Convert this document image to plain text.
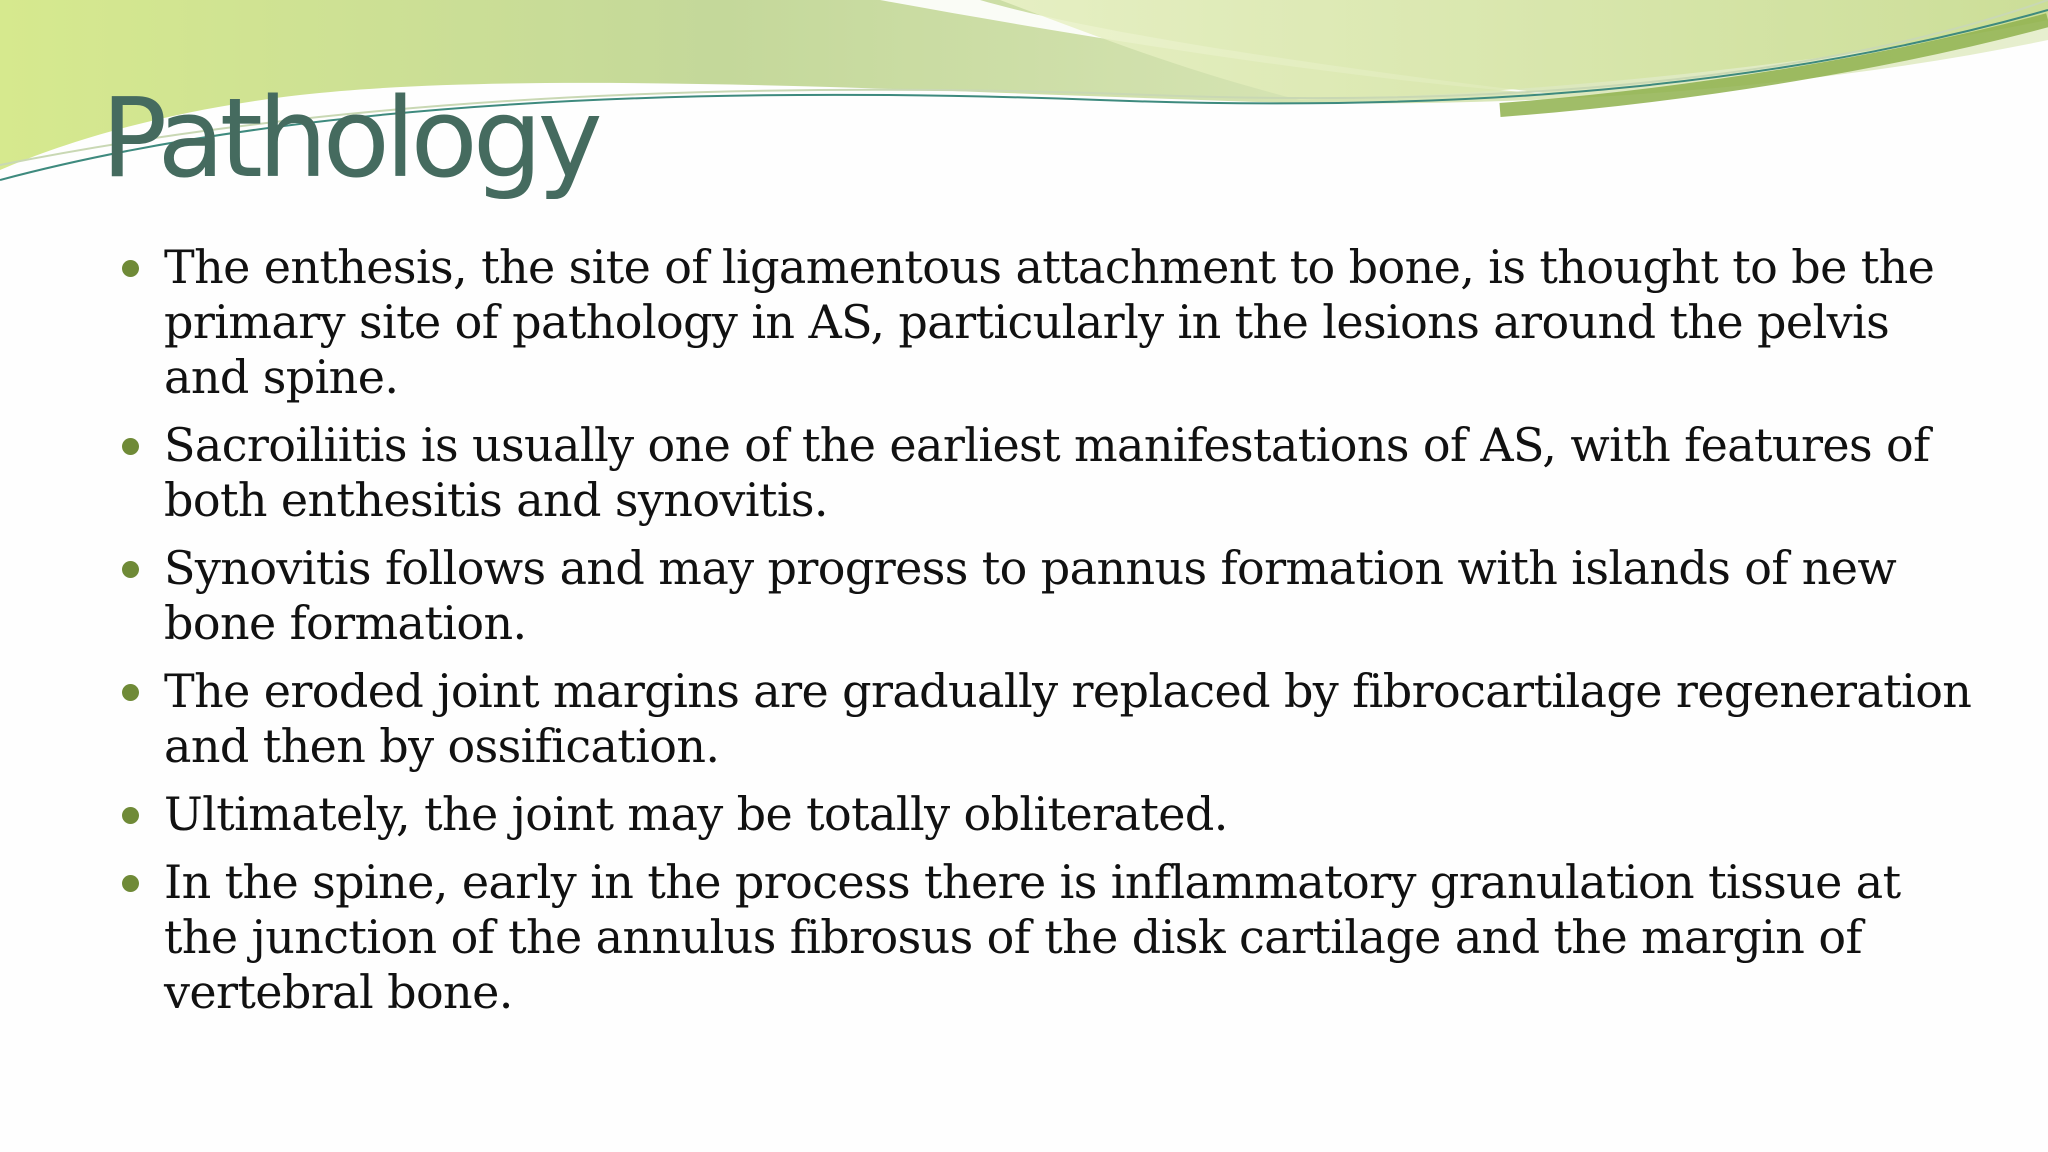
Pathology
The enthesis, the site of ligamentous attachment to bone, is thought to be the primary site of pathology in AS, particularly in the lesions around the pelvis and spine.
Sacroiliitis is usually one of the earliest manifestations of AS, with features of both enthesitis and synovitis.
Synovitis follows and may progress to pannus formation with islands of new bone formation.
The eroded joint margins are gradually replaced by fibrocartilage regeneration and then by ossification.
Ultimately, the joint may be totally obliterated.
In the spine, early in the process there is inflammatory granulation tissue at the junction of the annulus fibrosus of the disk cartilage and the margin of vertebral bone.
